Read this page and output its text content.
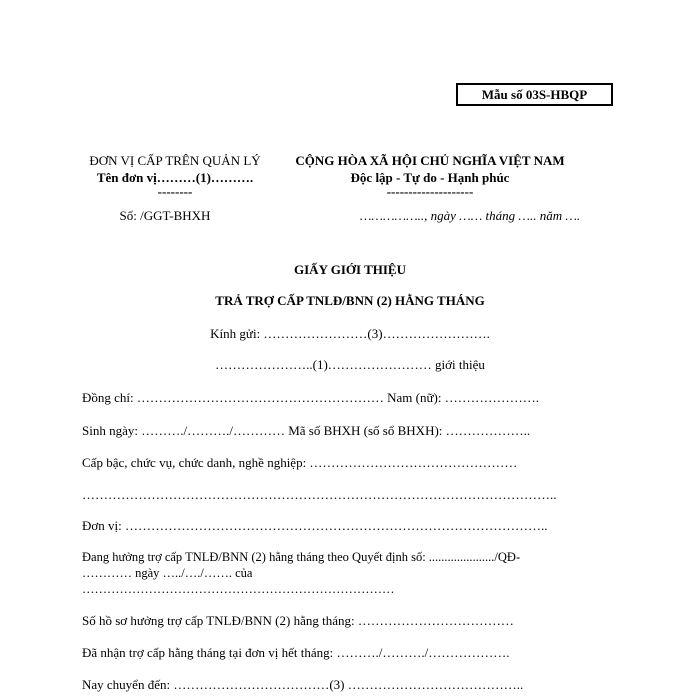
Mẫu số 03S-HBQP
ĐƠN VỊ CẤP TRÊN QUẢN LÝ
Tên đơn vị………(1)……….
--------
Số: /GGT-BHXH
CỘNG HÒA XÃ HỘI CHỦ NGHĨA VIỆT NAM
Độc lập - Tự do - Hạnh phúc
--------------------
…………….., ngày …… tháng ….. năm ….
GIẤY GIỚI THIỆU
TRẢ TRỢ CẤP TNLĐ/BNN (2) HẰNG THÁNG
Kính gửi: ……………………(3)…………………….
…………………..(1)…………………… giới thiệu
Đồng chí: ………………………………………………… Nam (nữ): ………………….
Sinh ngày: ………./………./………… Mã số BHXH (số sổ BHXH): ………………..
Cấp bậc, chức vụ, chức danh, nghề nghiệp: …………………………………………
………………………………………………………………………………………………..
Đơn vị: ……………………………………………………………………………………..
Đang hưởng trợ cấp TNLĐ/BNN (2) hằng tháng theo Quyết định số: ...................../QĐ-
………… ngày …../…./……. của
…………………………………………………………………
Số hồ sơ hưởng trợ cấp TNLĐ/BNN (2) hằng tháng: ………………………………
Đã nhận trợ cấp hằng tháng tại đơn vị hết tháng: ………./………./……………….
Nay chuyển đến: ………………………………(3) …………………………………..
